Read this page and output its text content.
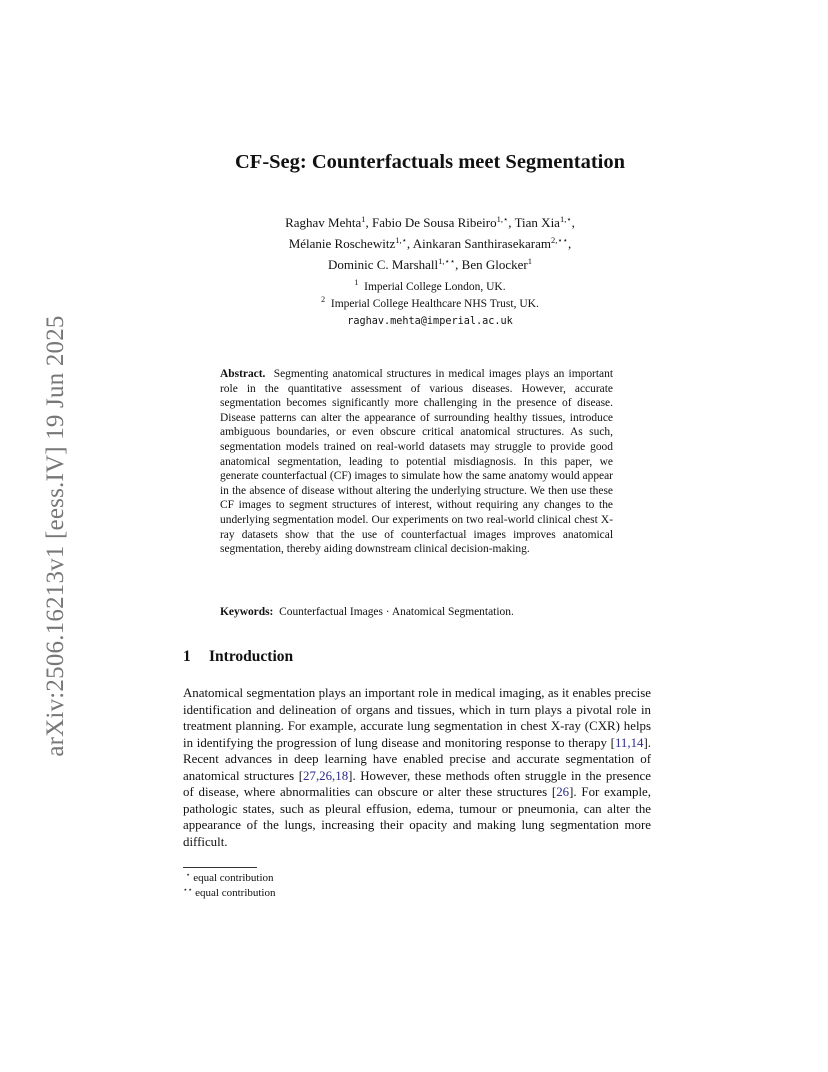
arXiv:2506.16213v1 [eess.IV] 19 Jun 2025
CF-Seg: Counterfactuals meet Segmentation
Raghav Mehta$^1$, Fabio De Sousa Ribeiro$^{1,⋆}$, Tian Xia$^{1,⋆}$,
Mélanie Roschewitz$^{1,⋆}$, Ainkaran Santhirasekaram$^{2,⋆⋆}$,
Dominic C. Marshall$^{1,⋆⋆}$, Ben Glocker$^1$
$^1$ Imperial College London, UK.
$^2$ Imperial College Healthcare NHS Trust, UK.
raghav.mehta@imperial.ac.uk
Abstract. Segmenting anatomical structures in medical images plays an important role in the quantitative assessment of various diseases. However, accurate segmentation becomes significantly more challenging in the presence of disease. Disease patterns can alter the appearance of surrounding healthy tissues, introduce ambiguous boundaries, or even obscure critical anatomical structures. As such, segmentation models trained on real-world datasets may struggle to provide good anatomical segmentation, leading to potential misdiagnosis. In this paper, we generate counterfactual (CF) images to simulate how the same anatomy would appear in the absence of disease without altering the underlying structure. We then use these CF images to segment structures of interest, without requiring any changes to the underlying segmentation model. Our experiments on two real-world clinical chest X-ray datasets show that the use of counterfactual images improves anatomical segmentation, thereby aiding downstream clinical decision-making.
Keywords: Counterfactual Images · Anatomical Segmentation.
1 Introduction
Anatomical segmentation plays an important role in medical imaging, as it enables precise identification and delineation of organs and tissues, which in turn plays a pivotal role in treatment planning. For example, accurate lung segmentation in chest X-ray (CXR) helps in identifying the progression of lung disease and monitoring response to therapy [11,14]. Recent advances in deep learning have enabled precise and accurate segmentation of anatomical structures [27,26,18]. However, these methods often struggle in the presence of disease, where abnormalities can obscure or alter these structures [26]. For example, pathologic states, such as pleural effusion, edema, tumour or pneumonia, can alter the appearance of the lungs, increasing their opacity and making lung segmentation more difficult.
⋆ equal contribution
⋆⋆ equal contribution
